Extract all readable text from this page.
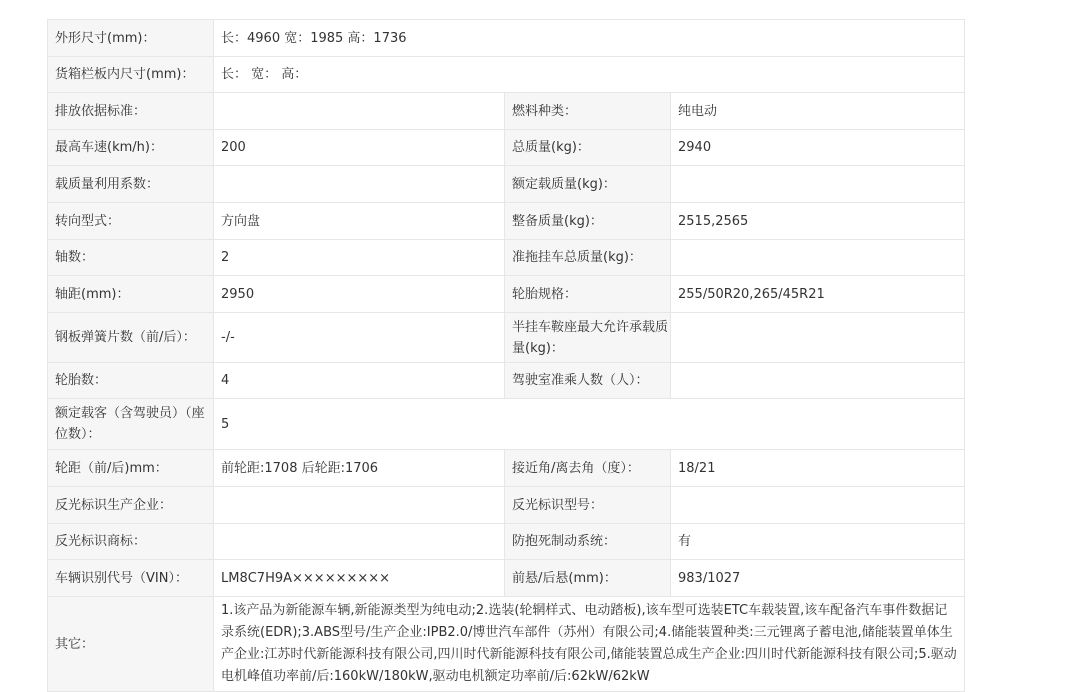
外形尺寸(mm)：	长：4960 宽：1985 高：1736		
货箱栏板内尺寸(mm)：	长： 宽： 高：		
排放依据标准：		燃料种类：	纯电动
最高车速(km/h)：	200	总质量(kg)：	2940
载质量利用系数：		额定载质量(kg)：	
转向型式：	方向盘	整备质量(kg)：	2515,2565
轴数：	2	准拖挂车总质量(kg)：	
轴距(mm)：	2950	轮胎规格：	255/50R20,265/45R21
钢板弹簧片数（前/后）：	-/-	半挂车鞍座最大允许承载质量(kg)：	
轮胎数：	4	驾驶室准乘人数（人）：	
额定载客（含驾驶员）（座位数）：	5		
轮距（前/后)mm：	前轮距:1708 后轮距:1706	接近角/离去角（度）：	18/21
反光标识生产企业：		反光标识型号：	
反光标识商标：		防抱死制动系统：	有
车辆识别代号（VIN）：	LM8C7H9A×××××××××	前悬/后悬(mm)：	983/1027
其它：	1.该产品为新能源车辆,新能源类型为纯电动;2.选装(轮辋样式、电动踏板),该车型可选装ETC车载装置,该车配备汽车事件数据记录系统(EDR);3.ABS型号/生产企业:IPB2.0/博世汽车部件（苏州）有限公司;4.储能装置种类:三元锂离子蓄电池,储能装置单体生产企业:江苏时代新能源科技有限公司,四川时代新能源科技有限公司,储能装置总成生产企业:四川时代新能源科技有限公司;5.驱动电机峰值功率前/后:160kW/180kW,驱动电机额定功率前/后:62kW/62kW		
